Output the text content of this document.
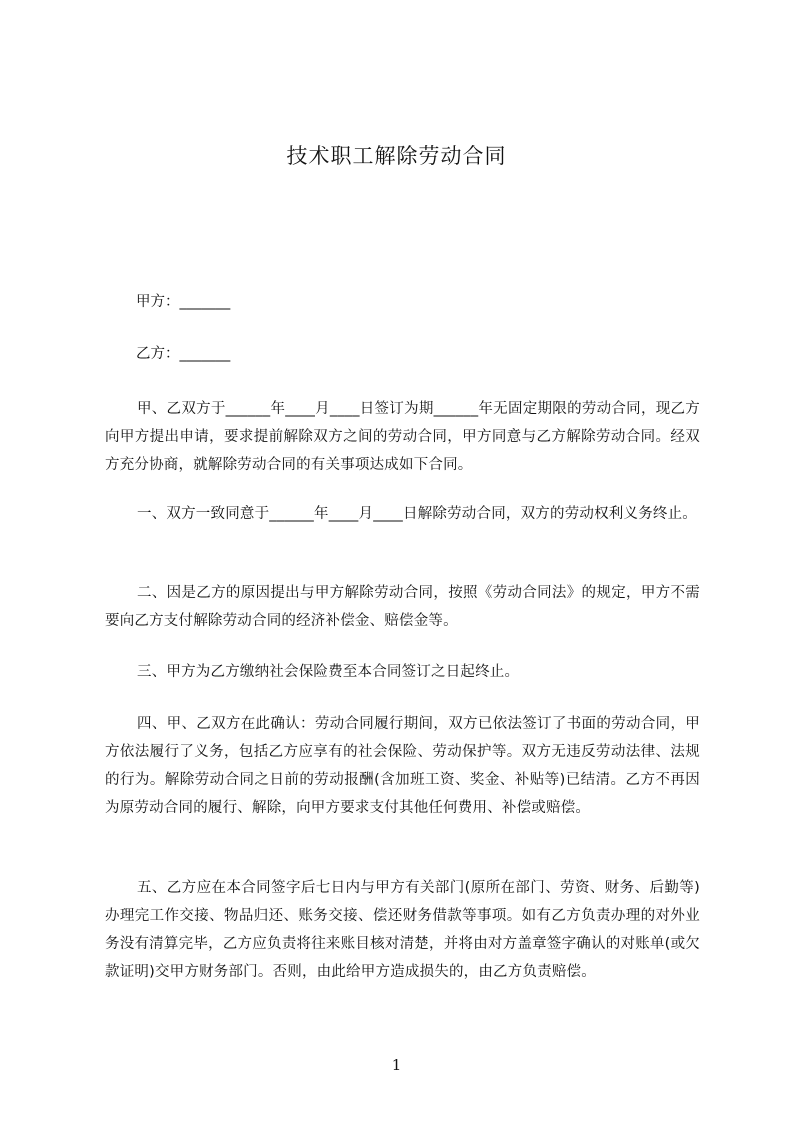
技术职工解除劳动合同

甲方：_______

乙方：_______

甲、乙双方于______年____月____日签订为期______年无固定期限的劳动合同，现乙方向甲方提出申请，要求提前解除双方之间的劳动合同，甲方同意与乙方解除劳动合同。经双方充分协商，就解除劳动合同的有关事项达成如下合同。

一、双方一致同意于______年____月____日解除劳动合同，双方的劳动权利义务终止。

二、因是乙方的原因提出与甲方解除劳动合同，按照《劳动合同法》的规定，甲方不需要向乙方支付解除劳动合同的经济补偿金、赔偿金等。

三、甲方为乙方缴纳社会保险费至本合同签订之日起终止。

四、甲、乙双方在此确认：劳动合同履行期间，双方已依法签订了书面的劳动合同，甲方依法履行了义务，包括乙方应享有的社会保险、劳动保护等。双方无违反劳动法律、法规的行为。解除劳动合同之日前的劳动报酬(含加班工资、奖金、补贴等)已结清。乙方不再因为原劳动合同的履行、解除，向甲方要求支付其他任何费用、补偿或赔偿。

五、乙方应在本合同签字后七日内与甲方有关部门(原所在部门、劳资、财务、后勤等)办理完工作交接、物品归还、账务交接、偿还财务借款等事项。如有乙方负责办理的对外业务没有清算完毕，乙方应负责将往来账目核对清楚，并将由对方盖章签字确认的对账单(或欠款证明)交甲方财务部门。否则，由此给甲方造成损失的，由乙方负责赔偿。

1
